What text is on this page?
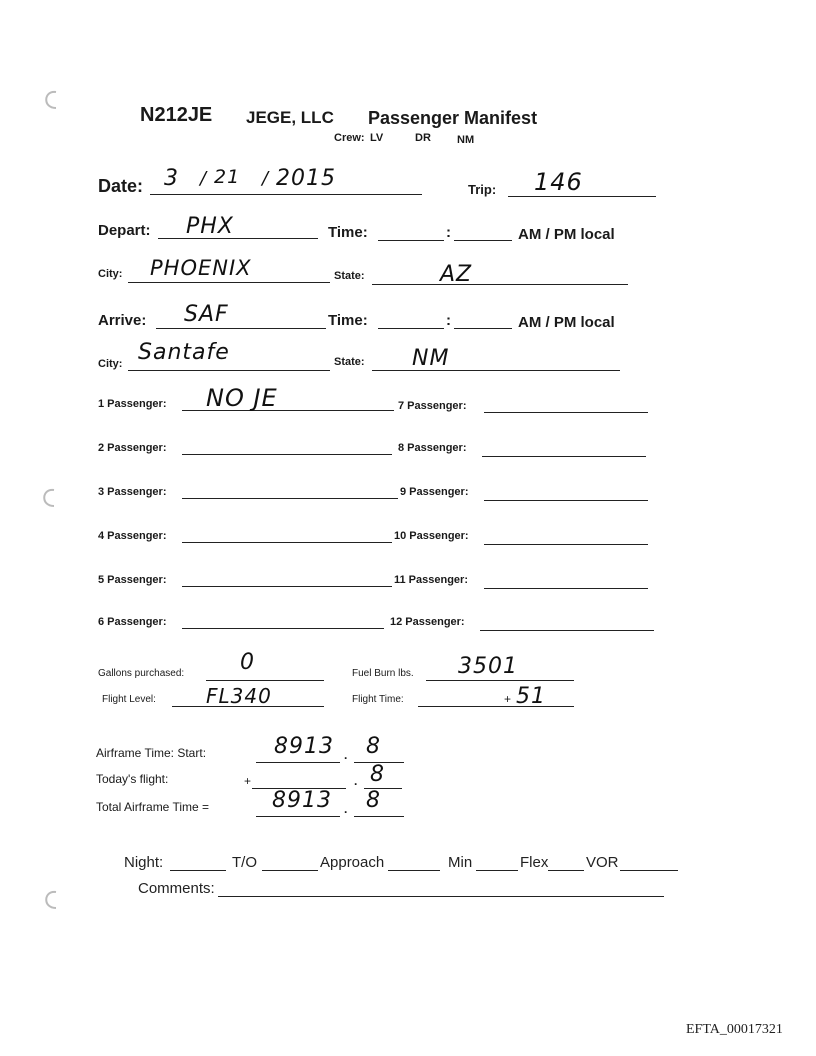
N212JE JEGE, LLC Passenger Manifest
Crew: LV	DR NM
Date: 3 / 21 / 2015	Trip: 146
Depart: PHX	Time:	:	AM / PM local
City: PHOENIX	State:	AZ
Arrive: SAF	Time:	:	AM / PM local
City: Santafe	State: NM
1 Passenger: NO JE
2 Passenger:
3 Passenger:
4 Passenger:
5 Passenger:
6 Passenger:
7 Passenger:
8 Passenger:
9 Passenger:
10 Passenger:
11 Passenger:
12 Passenger:
Gallons purchased:	0	Fuel Burn lbs. 3501
Flight Level:	FL340	Flight Time:	+ 51
Airframe Time: Start:	8913 . 8
Today's flight:	+	. 8
Total Airframe Time =	8913 . 8
Night:	T/O	Approach	Min	Flex	VOR
Comments:
EFTA_00017321
